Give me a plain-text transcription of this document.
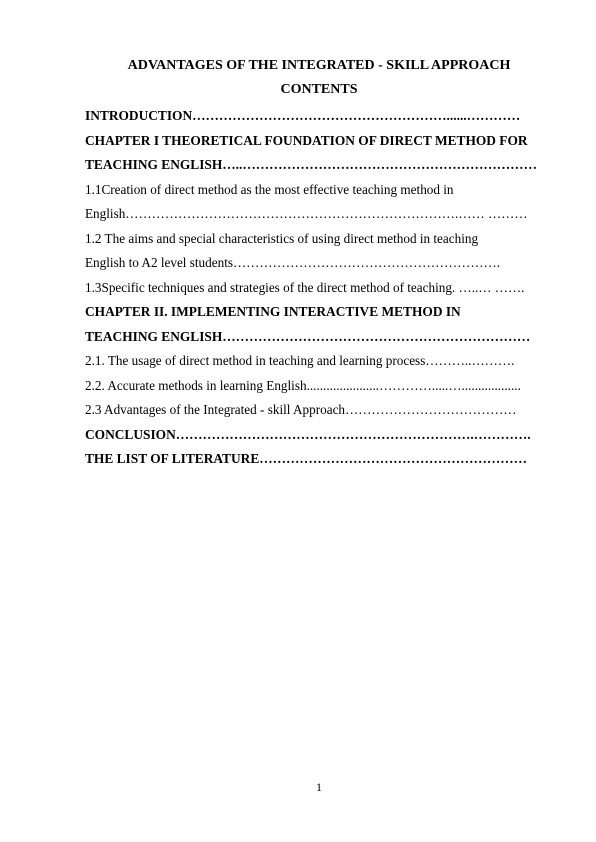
ADVANTAGES OF THE INTEGRATED - SKILL APPROACH
CONTENTS
INTRODUCTION…………………………………………………......…………
CHAPTER I THEORETICAL FOUNDATION OF DIRECT METHOD FOR
TEACHING ENGLISH…..…………………………………………………………
1.1Creation of direct method as the most effective teaching method in
English………………………………………………………………….…… ………
1.2 The aims and special characteristics of using direct method in teaching
English to A2 level students…………………………………………………….
1.3Specific techniques and strategies of the direct method of teaching. …..… …….
CHAPTER II. IMPLEMENTING INTERACTIVE METHOD IN
TEACHING ENGLISH……………………………………………………………
2.1. The usage of direct method in teaching and learning process………..……….
2.2. Accurate methods in learning English......................………….....…..................
2.3 Advantages of the Integrated - skill Approach…………………………………
CONCLUSION………………………………………………………….………….
THE LIST OF LITERATURE……………………………………………………
1
